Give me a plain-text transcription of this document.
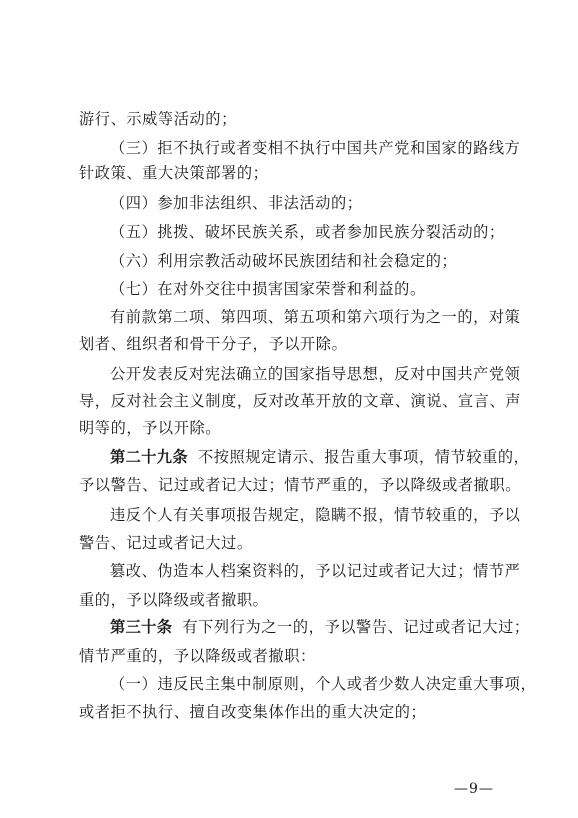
游行、示威等活动的；
（三）拒不执行或者变相不执行中国共产党和国家的路线方
针政策、重大决策部署的；
（四）参加非法组织、非法活动的；
（五）挑拨、破坏民族关系，或者参加民族分裂活动的；
（六）利用宗教活动破坏民族团结和社会稳定的；
（七）在对外交往中损害国家荣誉和利益的。
有前款第二项、第四项、第五项和第六项行为之一的，对策
划者、组织者和骨干分子，予以开除。
公开发表反对宪法确立的国家指导思想，反对中国共产党领
导，反对社会主义制度，反对改革开放的文章、演说、宣言、声
明等的，予以开除。
第二十九条 不按照规定请示、报告重大事项，情节较重的，
予以警告、记过或者记大过；情节严重的，予以降级或者撤职。
违反个人有关事项报告规定，隐瞒不报，情节较重的，予以
警告、记过或者记大过。
篡改、伪造本人档案资料的，予以记过或者记大过；情节严
重的，予以降级或者撤职。
第三十条 有下列行为之一的，予以警告、记过或者记大过；
情节严重的，予以降级或者撤职：
（一）违反民主集中制原则，个人或者少数人决定重大事项，
或者拒不执行、擅自改变集体作出的重大决定的；
—9—
